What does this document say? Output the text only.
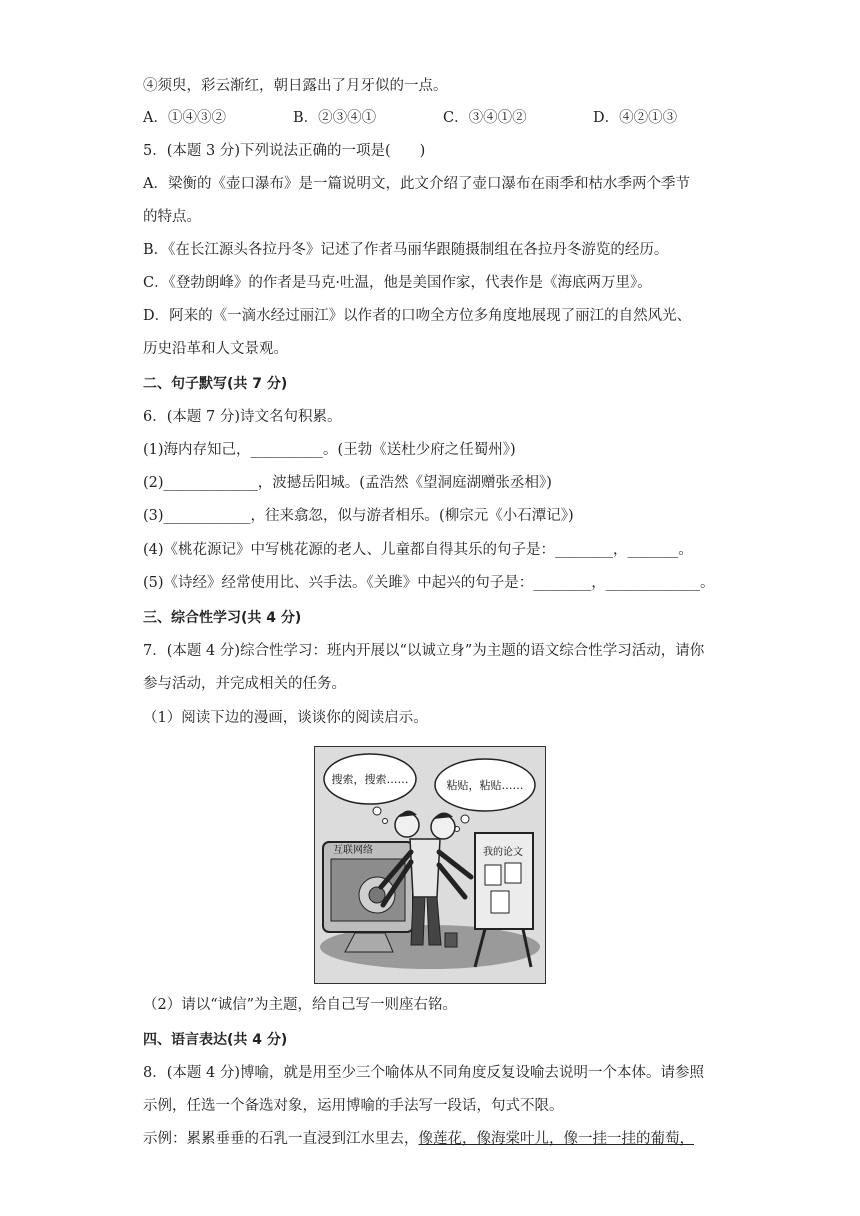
④须臾，彩云渐红，朝日露出了月牙似的一点。
A．①④③②	B．②③④①	C．③④①②	D．④②①③
5．(本题 3 分)下列说法正确的一项是(　　)
A．梁衡的《壶口瀑布》是一篇说明文，此文介绍了壶口瀑布在雨季和枯水季两个季节
的特点。
B．《在长江源头各拉丹冬》记述了作者马丽华跟随摄制组在各拉丹冬游览的经历。
C．《登勃朗峰》的作者是马克·吐温，他是美国作家，代表作是《海底两万里》。
D．阿来的《一滴水经过丽江》以作者的口吻全方位多角度地展现了丽江的自然风光、
历史沿革和人文景观。
二、句子默写(共 7 分)
6．(本题 7 分)诗文名句积累。
(1)海内存知己，__________。(王勃《送杜少府之任蜀州》)
(2)_____________，波撼岳阳城。(孟浩然《望洞庭湖赠张丞相》)
(3)____________，往来翕忽，似与游者相乐。(柳宗元《小石潭记》)
(4)《桃花源记》中写桃花源的老人、儿童都自得其乐的句子是：________，_______。
(5)《诗经》经常使用比、兴手法。《关雎》中起兴的句子是：________，_____________。
三、综合性学习(共 4 分)
7．(本题 4 分)综合性学习：班内开展以“以诚立身”为主题的语文综合性学习活动，请你
参与活动，并完成相关的任务。
（1）阅读下边的漫画，谈谈你的阅读启示。
搜索，搜索……	粘贴，粘贴……
互联网络	我的论文
（2）请以“诚信”为主题，给自己写一则座右铭。
四、语言表达(共 4 分)
8．(本题 4 分)博喻，就是用至少三个喻体从不同角度反复设喻去说明一个本体。请参照
示例，任选一个备选对象，运用博喻的手法写一段话，句式不限。
示例：累累垂垂的石乳一直浸到江水里去，像莲花，像海棠叶儿，像一挂一挂的葡萄，
